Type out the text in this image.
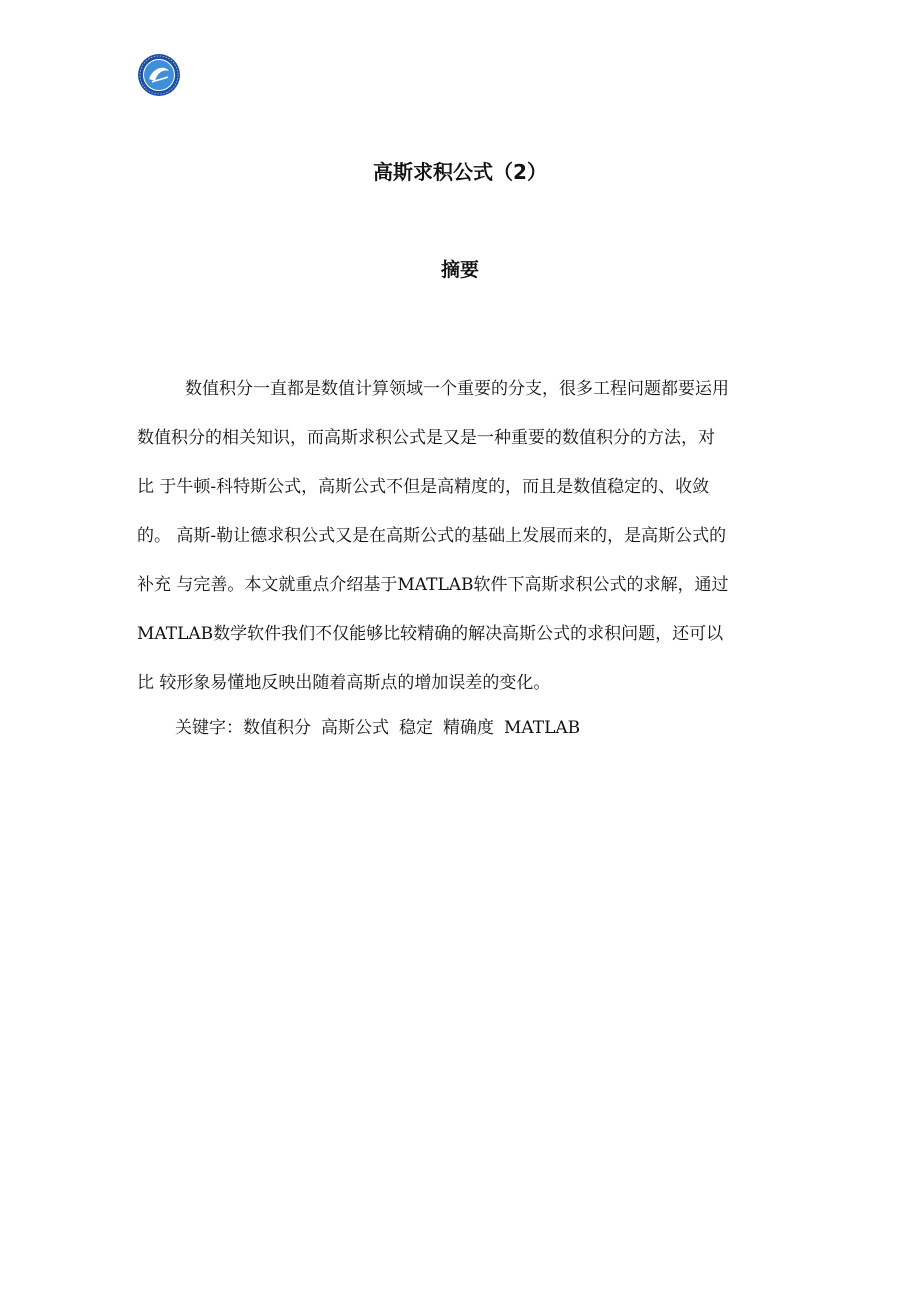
高斯求积公式（2）
摘要
数值积分一直都是数值计算领域一个重要的分支，很多工程问题都要运用
数值积分的相关知识，而高斯求积公式是又是一种重要的数值积分的方法，对
比 于牛顿-科特斯公式，高斯公式不但是高精度的，而且是数值稳定的、收敛
的。 高斯-勒让德求积公式又是在高斯公式的基础上发展而来的，是高斯公式的
补充 与完善。本文就重点介绍基于MATLAB软件下高斯求积公式的求解，通过
MATLAB数学软件我们不仅能够比较精确的解决高斯公式的求积问题，还可以
比 较形象易懂地反映出随着高斯点的增加误差的变化。
关键字：数值积分 高斯公式 稳定 精确度 MATLAB
